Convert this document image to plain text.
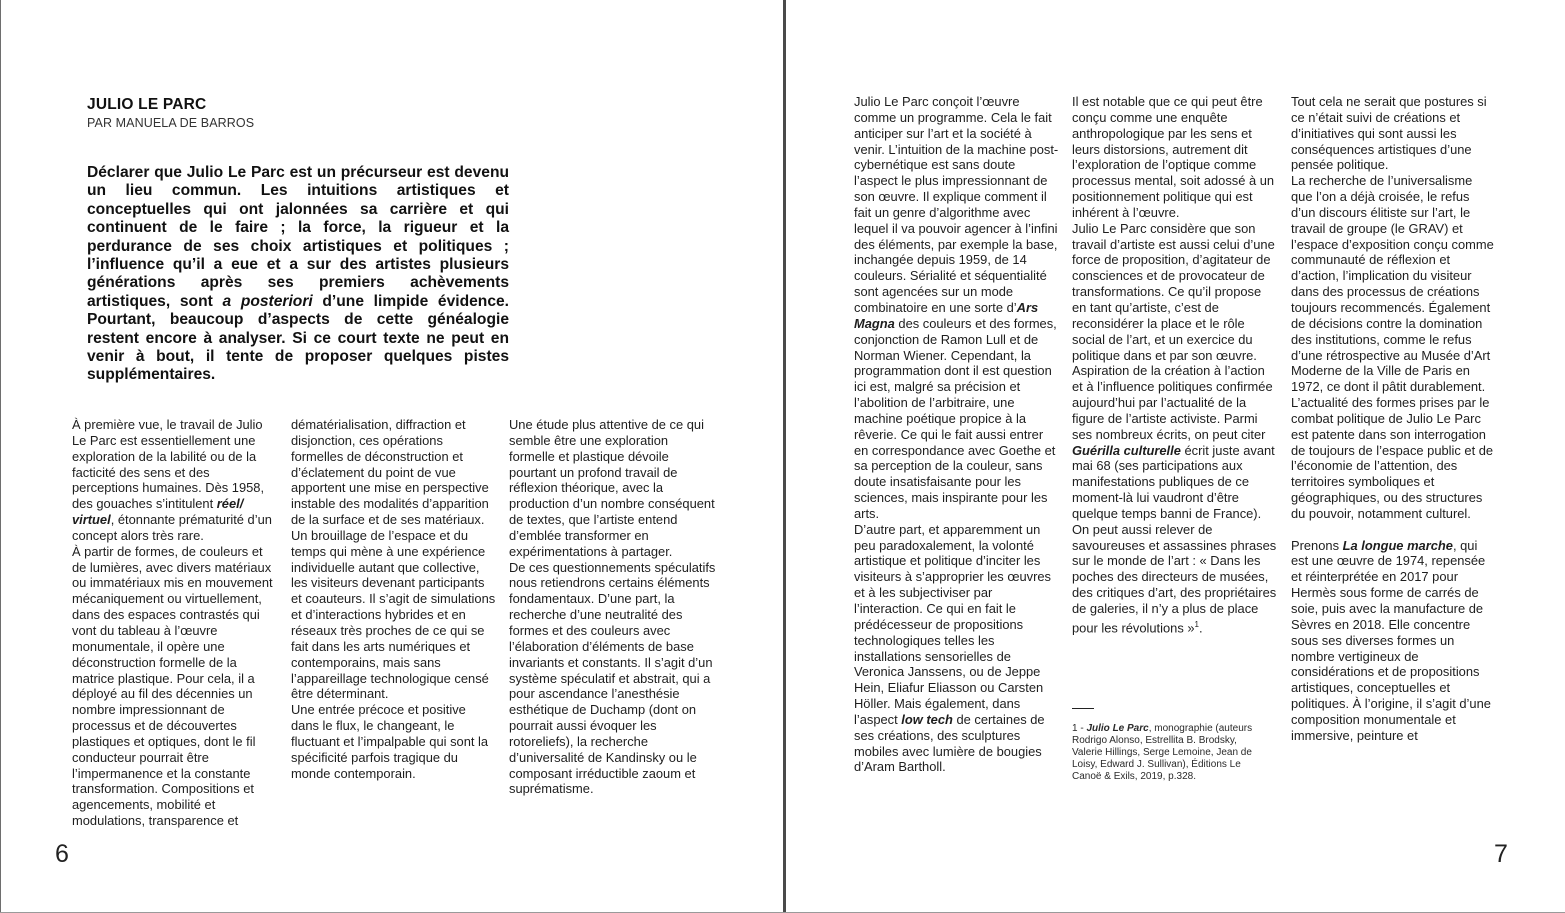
JULIO LE PARC

PAR MANUELA DE BARROS

Déclarer que Julio Le Parc est un précurseur est devenu un lieu commun. Les intuitions artistiques et conceptuelles qui ont jalonnées sa carrière et qui continuent de le faire ; la force, la rigueur et la perdurance de ses choix artistiques et politiques ; l’influence qu’il a eue et a sur des artistes plusieurs générations après ses premiers achèvements artistiques, sont a posteriori d’une limpide évidence. Pourtant, beaucoup d’aspects de cette généalogie restent encore à analyser. Si ce court texte ne peut en venir à bout, il tente de proposer quelques pistes supplémentaires.

À première vue, le travail de Julio Le Parc est essentiellement une exploration de la labilité ou de la facticité des sens et des perceptions humaines. Dès 1958, des gouaches s’intitulent réel/ virtuel, étonnante prématurité d’un concept alors très rare.

À partir de formes, de couleurs et de lumières, avec divers matériaux ou immatériaux mis en mouvement mécaniquement ou virtuellement, dans des espaces contrastés qui vont du tableau à l’œuvre monumentale, il opère une déconstruction formelle de la matrice plastique. Pour cela, il a déployé au fil des décennies un nombre impressionnant de processus et de découvertes plastiques et optiques, dont le fil conducteur pourrait être l’impermanence et la constante transformation. Compositions et agencements, mobilité et modulations, transparence et

dématérialisation, diffraction et disjonction, ces opérations formelles de déconstruction et d’éclatement du point de vue apportent une mise en perspective instable des modalités d’apparition de la surface et de ses matériaux. Un brouillage de l’espace et du temps qui mène à une expérience individuelle autant que collective, les visiteurs devenant participants et coauteurs. Il s’agit de simulations et d’interactions hybrides et en réseaux très proches de ce qui se fait dans les arts numériques et contemporains, mais sans l’appareillage technologique censé être déterminant.

Une entrée précoce et positive dans le flux, le changeant, le fluctuant et l’impalpable qui sont la spécificité parfois tragique du monde contemporain.

Une étude plus attentive de ce qui semble être une exploration formelle et plastique dévoile pourtant un profond travail de réflexion théorique, avec la production d’un nombre conséquent de textes, que l’artiste entend d’emblée transformer en expérimentations à partager.

De ces questionnements spéculatifs nous retiendrons certains éléments fondamentaux. D’une part, la recherche d’une neutralité des formes et des couleurs avec l’élaboration d’éléments de base invariants et constants. Il s’agit d’un système spéculatif et abstrait, qui a pour ascendance l’anesthésie esthétique de Duchamp (dont on pourrait aussi évoquer les rotoreliefs), la recherche d’universalité de Kandinsky ou le composant irréductible zaoum et suprématisme.

6

Julio Le Parc conçoit l’œuvre comme un programme. Cela le fait anticiper sur l’art et la société à venir. L’intuition de la machine post-cybernétique est sans doute l’aspect le plus impressionnant de son œuvre. Il explique comment il fait un genre d’algorithme avec lequel il va pouvoir agencer à l’infini des éléments, par exemple la base, inchangée depuis 1959, de 14 couleurs. Sérialité et séquentialité sont agencées sur un mode combinatoire en une sorte d’Ars Magna des couleurs et des formes, conjonction de Ramon Lull et de Norman Wiener. Cependant, la programmation dont il est question ici est, malgré sa précision et l’abolition de l’arbitraire, une machine poétique propice à la rêverie. Ce qui le fait aussi entrer en correspondance avec Goethe et sa perception de la couleur, sans doute insatisfaisante pour les sciences, mais inspirante pour les arts.

D’autre part, et apparemment un peu paradoxalement, la volonté artistique et politique d’inciter les visiteurs à s’approprier les œuvres et à les subjectiviser par l’interaction. Ce qui en fait le prédécesseur de propositions technologiques telles les installations sensorielles de Veronica Janssens, ou de Jeppe Hein, Eliafur Eliasson ou Carsten Höller. Mais également, dans l’aspect low tech de certaines de ses créations, des sculptures mobiles avec lumière de bougies d’Aram Bartholl.

Il est notable que ce qui peut être conçu comme une enquête anthropologique par les sens et leurs distorsions, autrement dit l’exploration de l’optique comme processus mental, soit adossé à un positionnement politique qui est inhérent à l’œuvre.

Julio Le Parc considère que son travail d’artiste est aussi celui d’une force de proposition, d’agitateur de consciences et de provocateur de transformations. Ce qu’il propose en tant qu’artiste, c’est de reconsidérer la place et le rôle social de l’art, et un exercice du politique dans et par son œuvre. Aspiration de la création à l’action et à l’influence politiques confirmée aujourd’hui par l’actualité de la figure de l’artiste activiste. Parmi ses nombreux écrits, on peut citer Guérilla culturelle écrit juste avant mai 68 (ses participations aux manifestations publiques de ce moment-là lui vaudront d’être quelque temps banni de France). On peut aussi relever de savoureuses et assassines phrases sur le monde de l’art : « Dans les poches des directeurs de musées, des critiques d’art, des propriétaires de galeries, il n’y a plus de place pour les révolutions »$^1$.

1 - Julio Le Parc, monographie (auteurs Rodrigo Alonso, Estrellita B. Brodsky, Valerie Hillings, Serge Lemoine, Jean de Loisy, Edward J. Sullivan), Éditions Le Canoë & Exils, 2019, p.328.

Tout cela ne serait que postures si ce n’était suivi de créations et d’initiatives qui sont aussi les conséquences artistiques d’une pensée politique.

La recherche de l’universalisme que l’on a déjà croisée, le refus d’un discours élitiste sur l’art, le travail de groupe (le GRAV) et l’espace d’exposition conçu comme communauté de réflexion et d’action, l’implication du visiteur dans des processus de créations toujours recommencés. Également de décisions contre la domination des institutions, comme le refus d’une rétrospective au Musée d’Art Moderne de la Ville de Paris en 1972, ce dont il pâtit durablement. L’actualité des formes prises par le combat politique de Julio Le Parc est patente dans son interrogation de toujours de l’espace public et de l’économie de l’attention, des territoires symboliques et géographiques, ou des structures du pouvoir, notamment culturel.

Prenons La longue marche, qui est une œuvre de 1974, repensée et réinterprétée en 2017 pour Hermès sous forme de carrés de soie, puis avec la manufacture de Sèvres en 2018. Elle concentre sous ses diverses formes un nombre vertigineux de considérations et de propositions artistiques, conceptuelles et politiques. À l’origine, il s’agit d’une composition monumentale et immersive, peinture et

7
